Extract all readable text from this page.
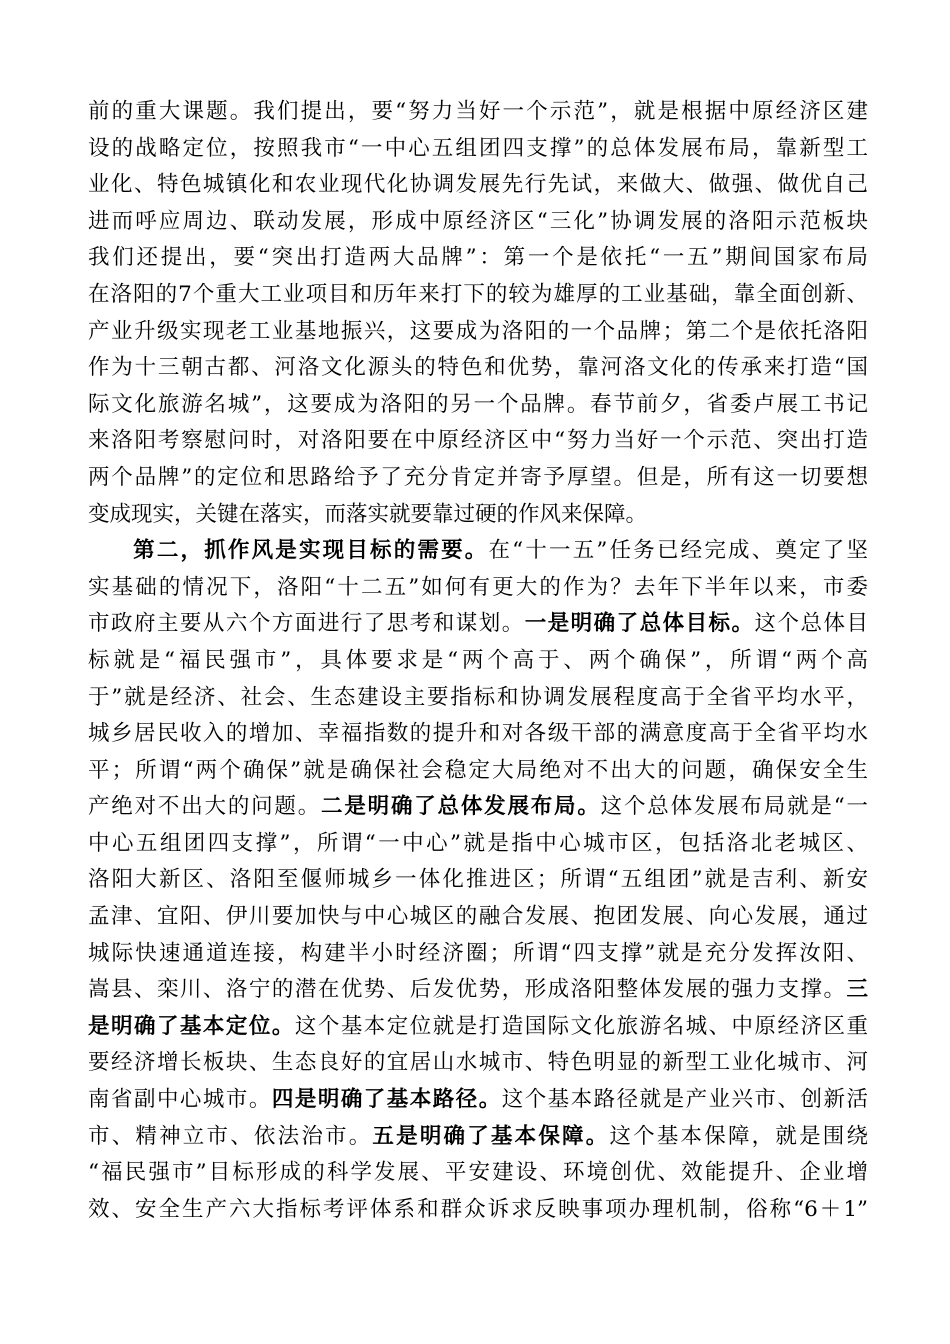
前的重大课题。我们提出，要“努力当好一个示范”，就是根据中原经济区建
设的战略定位，按照我市“一中心五组团四支撑”的总体发展布局，靠新型工
业化、特色城镇化和农业现代化协调发展先行先试，来做大、做强、做优自己
进而呼应周边、联动发展，形成中原经济区“三化”协调发展的洛阳示范板块
我们还提出，要“突出打造两大品牌”：第一个是依托“一五”期间国家布局
在洛阳的7个重大工业项目和历年来打下的较为雄厚的工业基础，靠全面创新、
产业升级实现老工业基地振兴，这要成为洛阳的一个品牌；第二个是依托洛阳
作为十三朝古都、河洛文化源头的特色和优势，靠河洛文化的传承来打造“国
际文化旅游名城”，这要成为洛阳的另一个品牌。春节前夕，省委卢展工书记
来洛阳考察慰问时，对洛阳要在中原经济区中“努力当好一个示范、突出打造
两个品牌”的定位和思路给予了充分肯定并寄予厚望。但是，所有这一切要想
变成现实，关键在落实，而落实就要靠过硬的作风来保障。
第二，抓作风是实现目标的需要。在“十一五”任务已经完成、奠定了坚
实基础的情况下，洛阳“十二五”如何有更大的作为？去年下半年以来，市委
市政府主要从六个方面进行了思考和谋划。一是明确了总体目标。这个总体目
标就是“福民强市”，具体要求是“两个高于、两个确保”，所谓“两个高
于”就是经济、社会、生态建设主要指标和协调发展程度高于全省平均水平，
城乡居民收入的增加、幸福指数的提升和对各级干部的满意度高于全省平均水
平；所谓“两个确保”就是确保社会稳定大局绝对不出大的问题，确保安全生
产绝对不出大的问题。二是明确了总体发展布局。这个总体发展布局就是“一
中心五组团四支撑”，所谓“一中心”就是指中心城市区，包括洛北老城区、
洛阳大新区、洛阳至偃师城乡一体化推进区；所谓“五组团”就是吉利、新安
孟津、宜阳、伊川要加快与中心城区的融合发展、抱团发展、向心发展，通过
城际快速通道连接，构建半小时经济圈；所谓“四支撑”就是充分发挥汝阳、
嵩县、栾川、洛宁的潜在优势、后发优势，形成洛阳整体发展的强力支撑。三
是明确了基本定位。这个基本定位就是打造国际文化旅游名城、中原经济区重
要经济增长板块、生态良好的宜居山水城市、特色明显的新型工业化城市、河
南省副中心城市。四是明确了基本路径。这个基本路径就是产业兴市、创新活
市、精神立市、依法治市。五是明确了基本保障。这个基本保障，就是围绕
“福民强市”目标形成的科学发展、平安建设、环境创优、效能提升、企业增
效、安全生产六大指标考评体系和群众诉求反映事项办理机制，俗称“6＋1”
